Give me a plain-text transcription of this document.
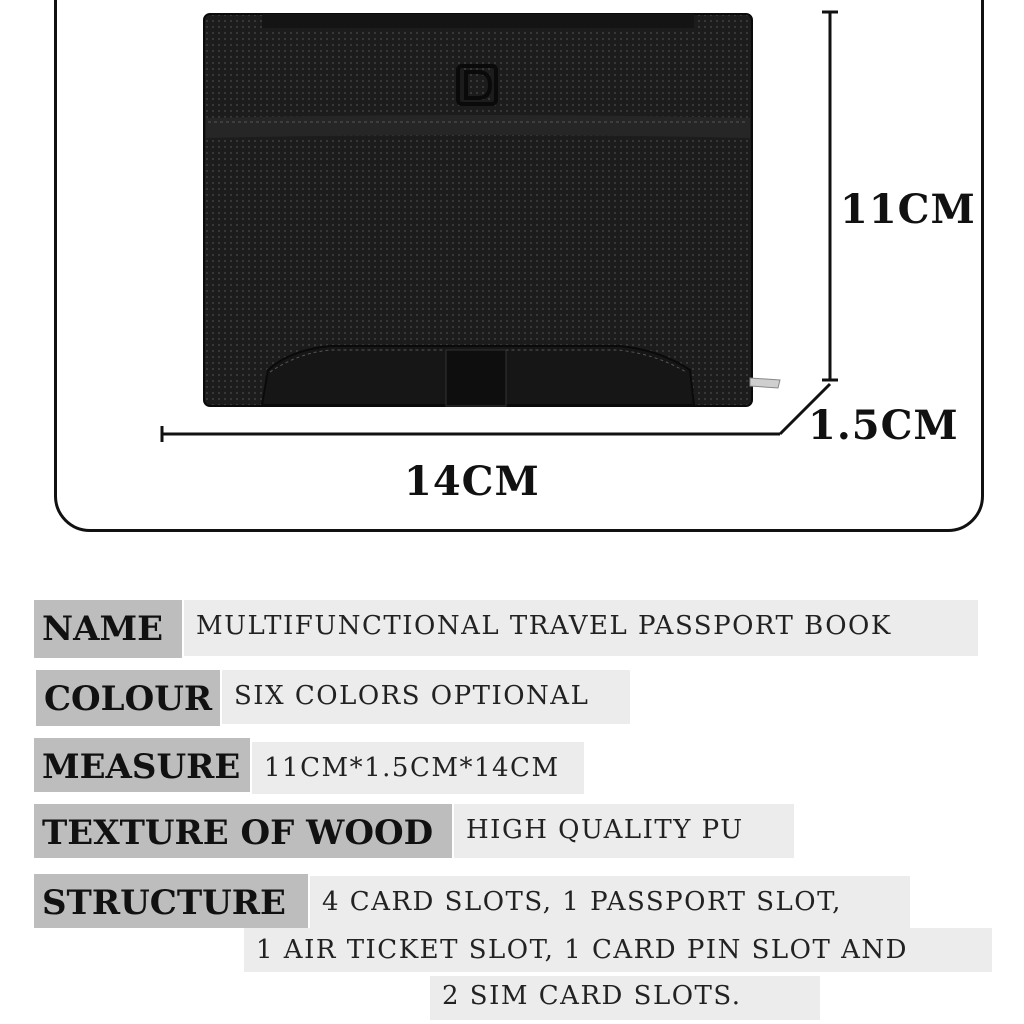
11CM
1.5CM
14CM
NAME	MULTIFUNCTIONAL TRAVEL PASSPORT BOOK
COLOUR SIX COLORS OPTIONAL
MEASURE 11CM*1.5CM*14CM
TEXTURE OF WOOD	HIGH QUALITY PU
STRUCTURE	4 CARD SLOTS, 1 PASSPORT SLOT,
1 AIR TICKET SLOT, 1 CARD PIN SLOT AND
2 SIM CARD SLOTS.
